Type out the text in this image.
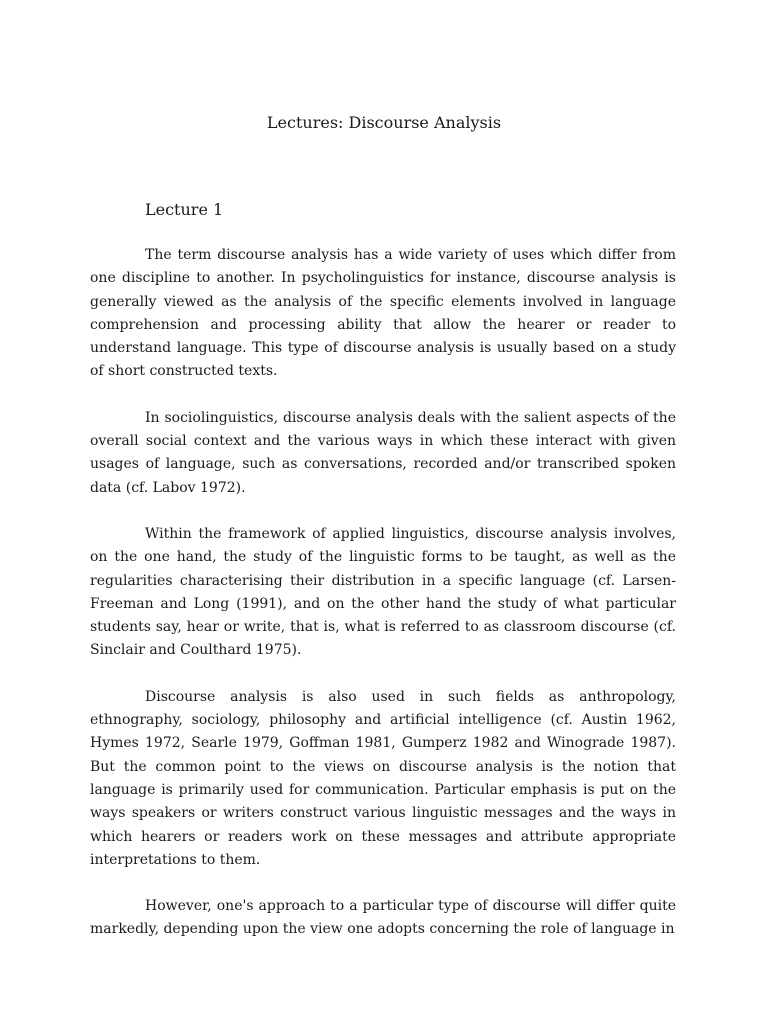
Lectures: Discourse Analysis
Lecture 1

The term discourse analysis has a wide variety of uses which differ from one discipline to another. In psycholinguistics for instance, discourse analysis is generally viewed as the analysis of the specific elements involved in language comprehension and processing ability that allow the hearer or reader to understand language. This type of discourse analysis is usually based on a study of short constructed texts.

In sociolinguistics, discourse analysis deals with the salient aspects of the overall social context and the various ways in which these interact with given usages of language, such as conversations, recorded and/or transcribed spoken data (cf. Labov 1972).

Within the framework of applied linguistics, discourse analysis involves, on the one hand, the study of the linguistic forms to be taught, as well as the regularities characterising their distribution in a specific language (cf. Larsen-Freeman and Long (1991), and on the other hand the study of what particular students say, hear or write, that is, what is referred to as classroom discourse (cf. Sinclair and Coulthard 1975).

Discourse analysis is also used in such fields as anthropology, ethnography, sociology, philosophy and artificial intelligence (cf. Austin 1962, Hymes 1972, Searle 1979, Goffman 1981, Gumperz 1982 and Winograde 1987). But the common point to the views on discourse analysis is the notion that language is primarily used for communication. Particular emphasis is put on the ways speakers or writers construct various linguistic messages and the ways in which hearers or readers work on these messages and attribute appropriate interpretations to them.

However, one's approach to a particular type of discourse will differ quite markedly, depending upon the view one adopts concerning the role of language in
